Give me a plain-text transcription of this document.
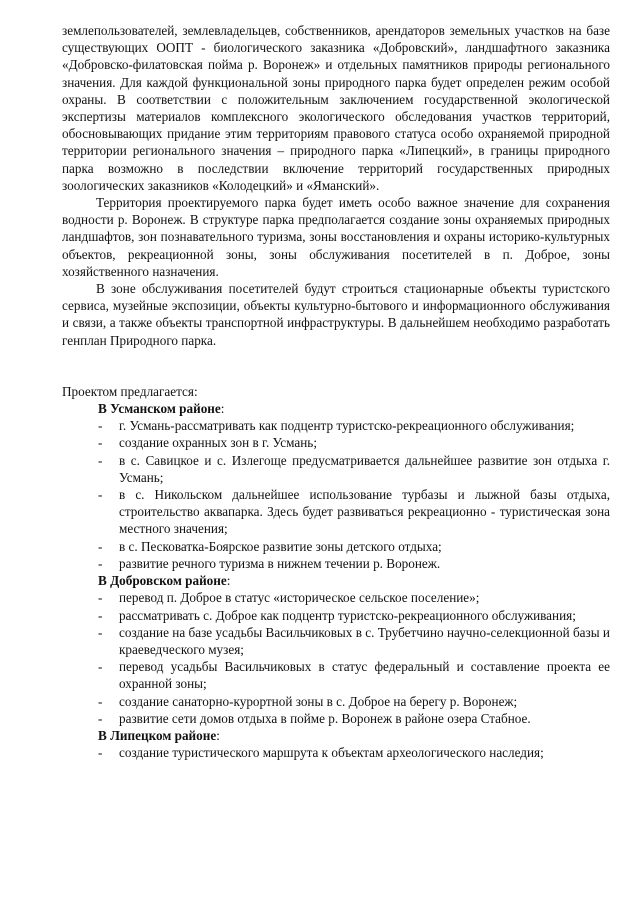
землепользователей, землевладельцев, собственников, арендаторов земельных участков на базе существующих ООПТ - биологического заказника «Добровский», ландшафтного заказника «Добровско-филатовская пойма р. Воронеж» и отдельных памятников природы регионального значения. Для каждой функциональной зоны природного парка будет определен режим особой охраны. В соответствии с положительным заключением государственной экологической экспертизы материалов комплексного экологического обследования участков территорий, обосновывающих придание этим территориям правового статуса особо охраняемой природной территории регионального значения – природного парка «Липецкий», в границы природного парка возможно в последствии включение территорий государственных природных зоологических заказников «Колодецкий» и «Яманский».

Территория проектируемого парка будет иметь особо важное значение для сохранения водности р. Воронеж. В структуре парка предполагается создание зоны охраняемых природных ландшафтов, зон познавательного туризма, зоны восстановления и охраны историко-культурных объектов, рекреационной зоны, зоны обслуживания посетителей в п. Доброе, зоны хозяйственного назначения.

В зоне обслуживания посетителей будут строиться стационарные объекты туристского сервиса, музейные экспозиции, объекты культурно-бытового и информационного обслуживания и связи, а также объекты транспортной инфраструктуры. В дальнейшем необходимо разработать генплан Природного парка.

Проектом предлагается:

В Усманском районе:

- г. Усмань-рассматривать как подцентр туристско-рекреационного обслуживания;
- создание охранных зон в г. Усмань;
- в с. Савицкое и с. Излегоще предусматривается дальнейшее развитие зон отдыха г. Усмань;
- в с. Никольском дальнейшее использование турбазы и лыжной базы отдыха, строительство аквапарка. Здесь будет развиваться рекреационно - туристическая зона местного значения;
- в с. Песковатка-Боярское развитие зоны детского отдыха;
- развитие речного туризма в нижнем течении р. Воронеж.

В Добровском районе:

- перевод п. Доброе в статус «историческое сельское поселение»;
- рассматривать с. Доброе как подцентр туристско-рекреационного обслуживания;
- создание на базе усадьбы Васильчиковых в с. Трубетчино научно-селекционной базы и краеведческого музея;
- перевод усадьбы Васильчиковых в статус федеральный и составление проекта ее охранной зоны;
- создание санаторно-курортной зоны в с. Доброе на берегу р. Воронеж;
- развитие сети домов отдыха в пойме р. Воронеж в районе озера Стабное.

В Липецком районе:

- создание туристического маршрута к объектам археологического наследия;
